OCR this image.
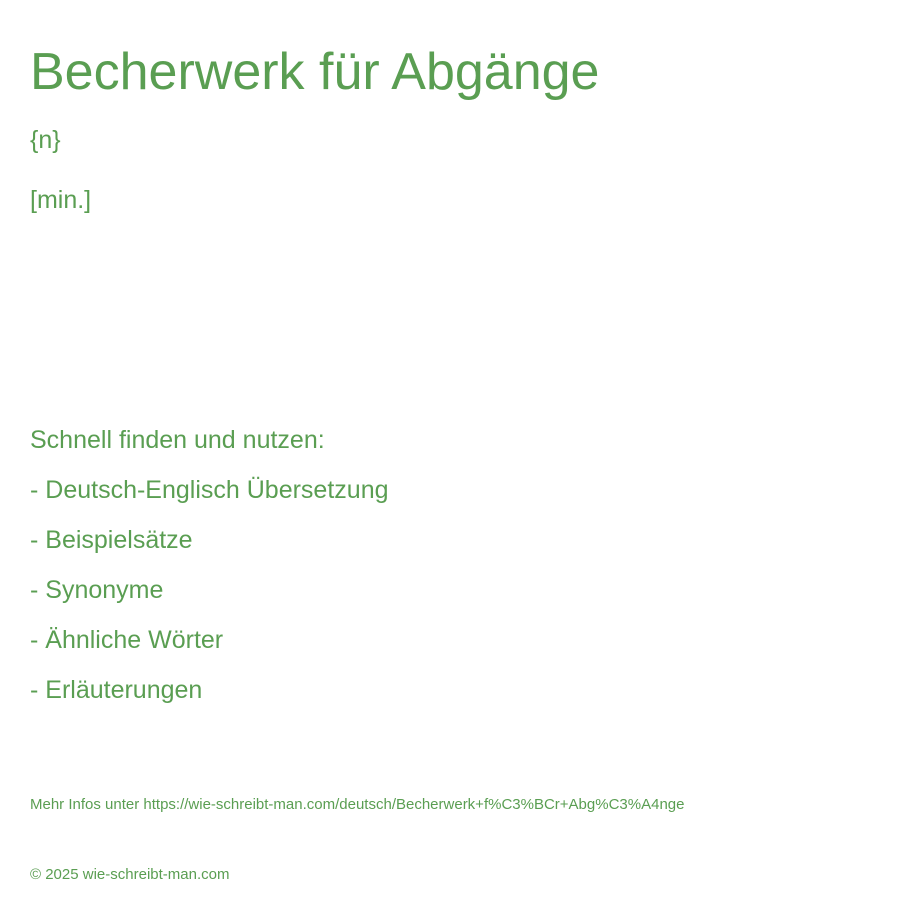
Becherwerk für Abgänge
{n}
[min.]
Schnell finden und nutzen:
- Deutsch-Englisch Übersetzung
- Beispielsätze
- Synonyme
- Ähnliche Wörter
- Erläuterungen
Mehr Infos unter https://wie-schreibt-man.com/deutsch/Becherwerk+f%C3%BCr+Abg%C3%A4nge
© 2025 wie-schreibt-man.com
